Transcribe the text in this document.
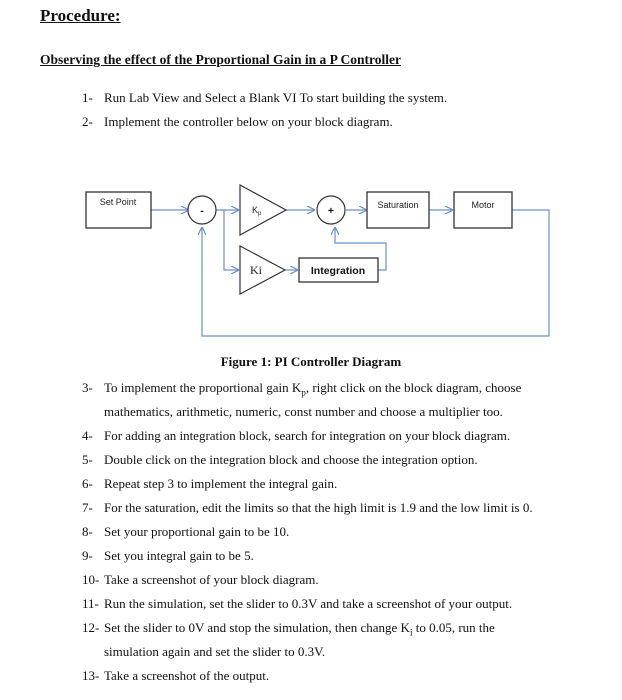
Procedure:
Observing the effect of the Proportional Gain in a P Controller
1- Run Lab View and Select a Blank VI To start building the system.
2- Implement the controller below on your block diagram.
Set Point
-	$K_p$	+	Saturation	Motor
Ki	Integration
Figure 1: PI Controller Diagram
3- To implement the proportional gain $K_p$, right click on the block diagram, choose
mathematics, arithmetic, numeric, const number and choose a multiplier too.
4- For adding an integration block, search for integration on your block diagram.
5- Double click on the integration block and choose the integration option.
6- Repeat step 3 to implement the integral gain.
7- For the saturation, edit the limits so that the high limit is 1.9 and the low limit is 0.
8- Set your proportional gain to be 10.
9- Set you integral gain to be 5.
10- Take a screenshot of your block diagram.
11- Run the simulation, set the slider to 0.3V and take a screenshot of your output.
12- Set the slider to 0V and stop the simulation, then change $K_i$ to 0.05, run the
simulation again and set the slider to 0.3V.
13- Take a screenshot of the output.
